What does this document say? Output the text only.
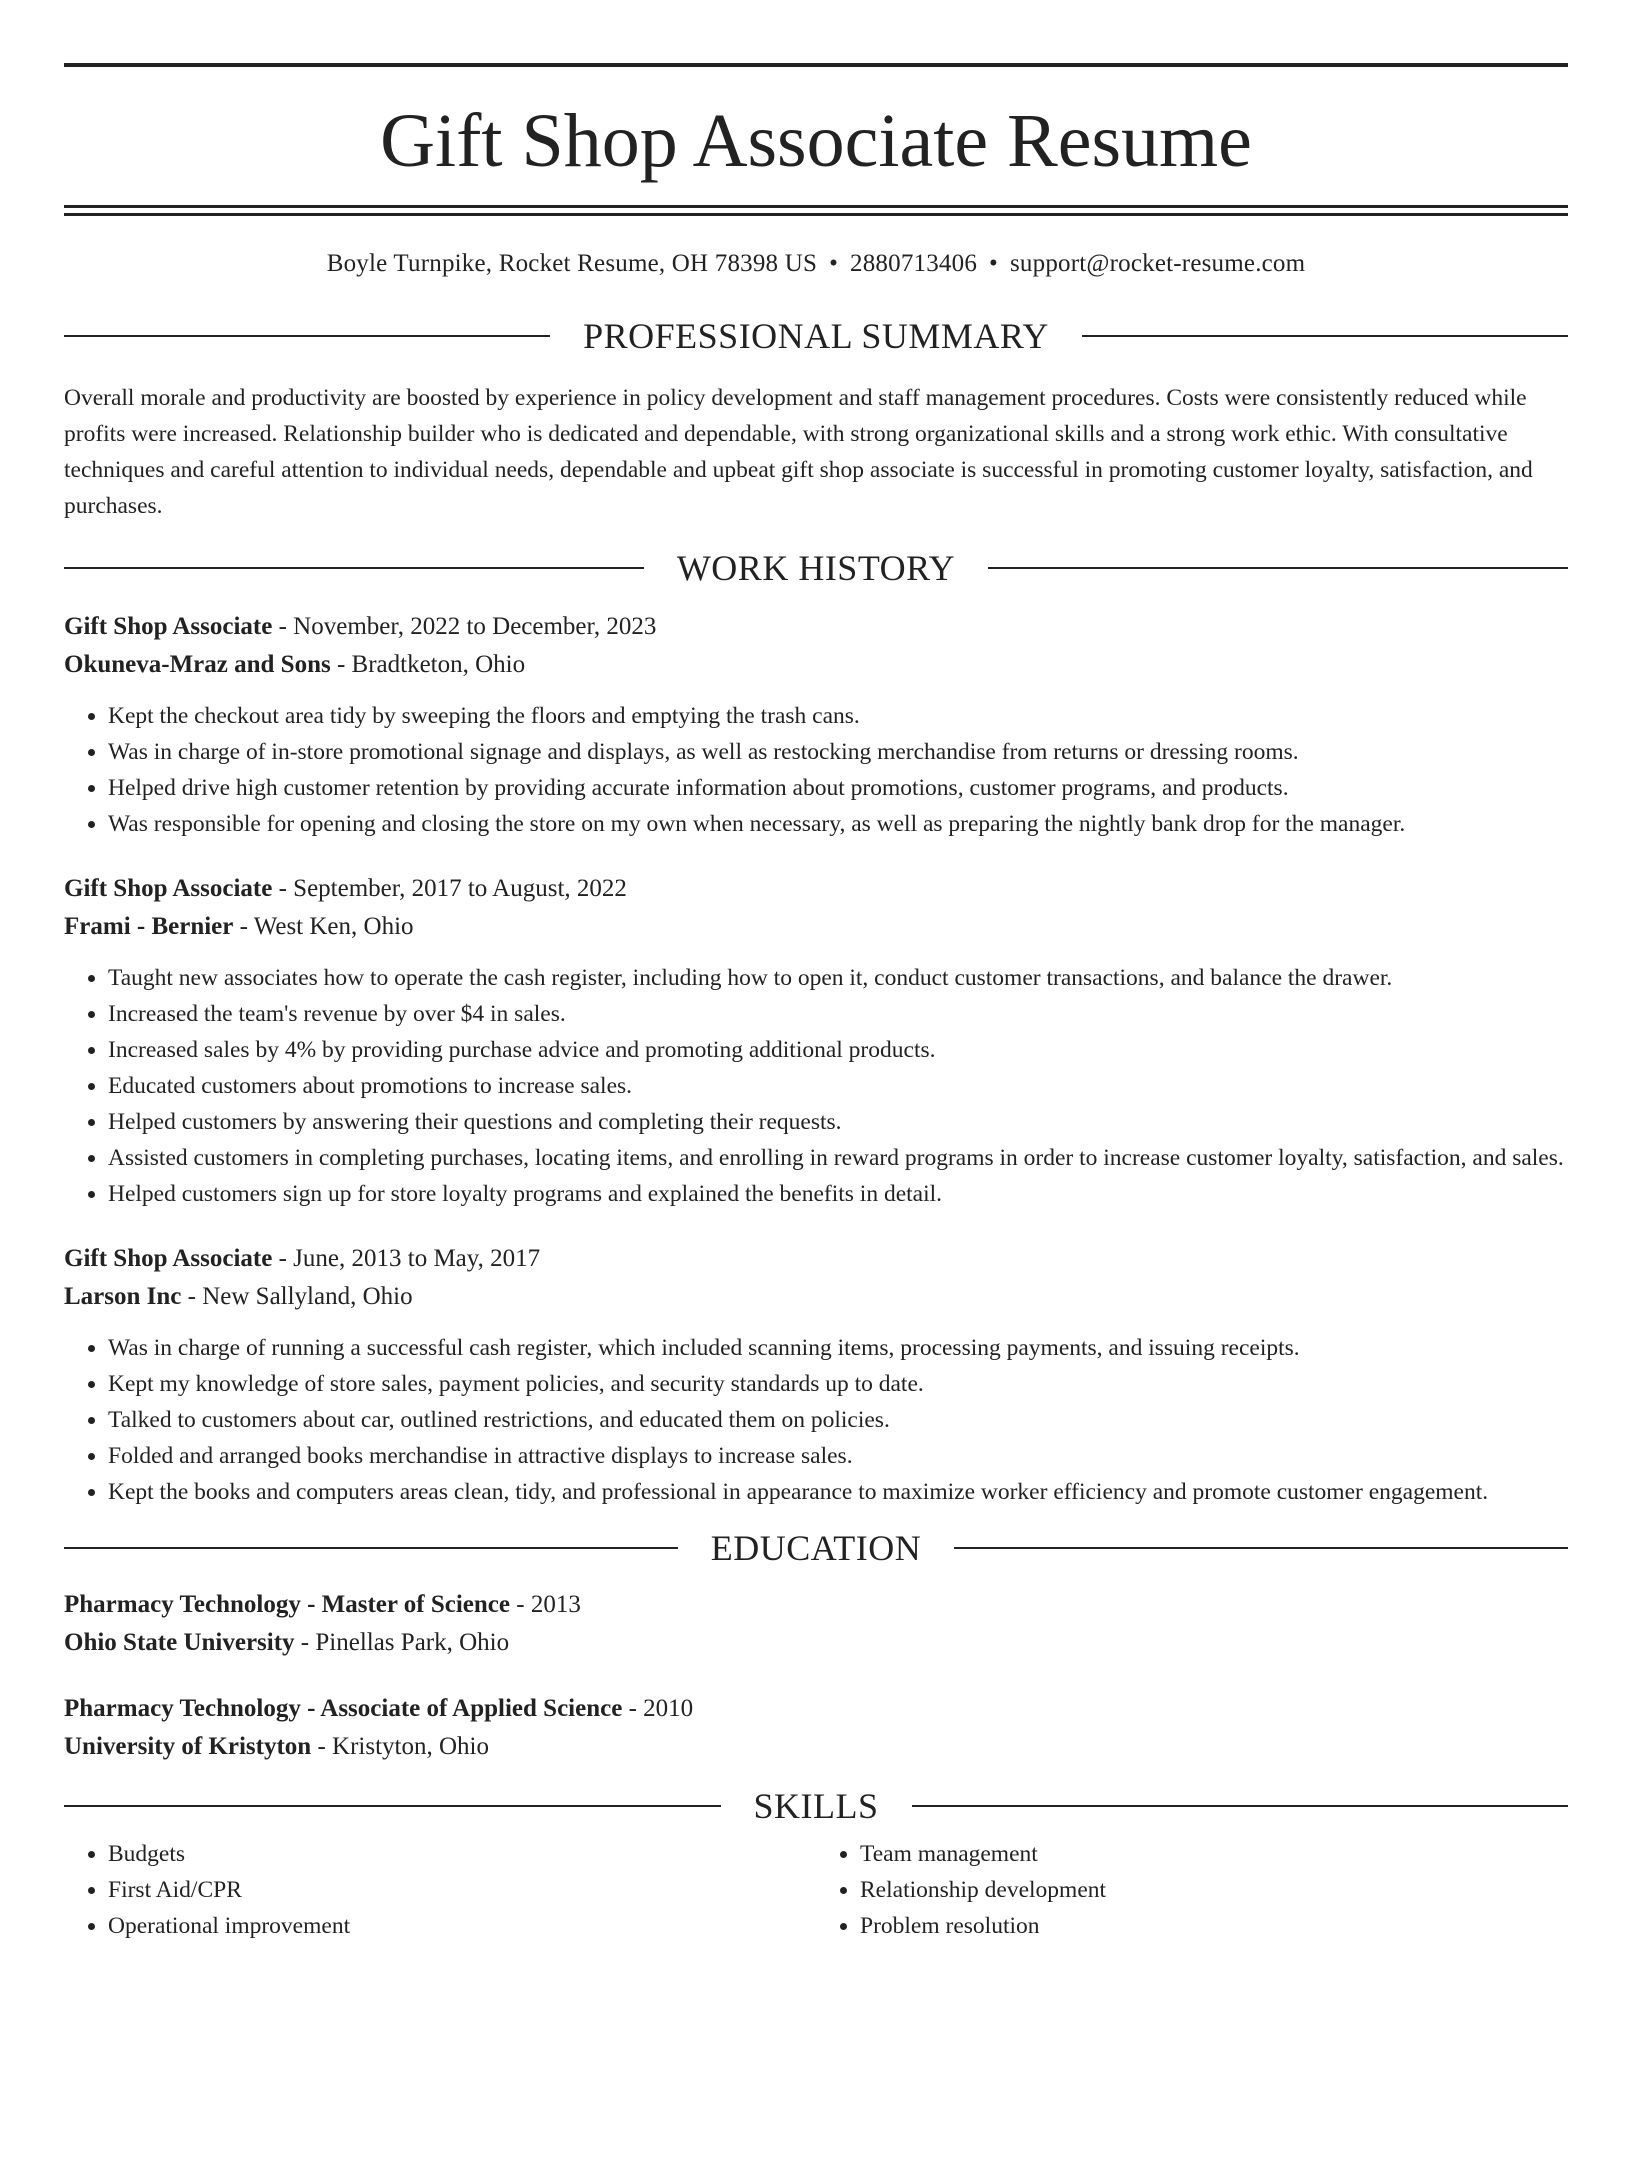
Gift Shop Associate Resume
Boyle Turnpike, Rocket Resume, OH 78398 US • 2880713406 • support@rocket-resume.com
PROFESSIONAL SUMMARY

Overall morale and productivity are boosted by experience in policy development and staff management procedures. Costs were consistently reduced while profits were increased. Relationship builder who is dedicated and dependable, with strong organizational skills and a strong work ethic. With consultative techniques and careful attention to individual needs, dependable and upbeat gift shop associate is successful in promoting customer loyalty, satisfaction, and purchases.

WORK HISTORY
Gift Shop Associate - November, 2022 to December, 2023
Okuneva-Mraz and Sons - Bradtketon, Ohio
• Kept the checkout area tidy by sweeping the floors and emptying the trash cans.
• Was in charge of in-store promotional signage and displays, as well as restocking merchandise from returns or dressing rooms.
• Helped drive high customer retention by providing accurate information about promotions, customer programs, and products.
• Was responsible for opening and closing the store on my own when necessary, as well as preparing the nightly bank drop for the manager.
Gift Shop Associate - September, 2017 to August, 2022
Frami - Bernier - West Ken, Ohio
• Taught new associates how to operate the cash register, including how to open it, conduct customer transactions, and balance the drawer.
• Increased the team's revenue by over $4 in sales.
• Increased sales by 4% by providing purchase advice and promoting additional products.
• Educated customers about promotions to increase sales.
• Helped customers by answering their questions and completing their requests.
• Assisted customers in completing purchases, locating items, and enrolling in reward programs in order to increase customer loyalty, satisfaction, and sales.
• Helped customers sign up for store loyalty programs and explained the benefits in detail.
Gift Shop Associate - June, 2013 to May, 2017
Larson Inc - New Sallyland, Ohio
• Was in charge of running a successful cash register, which included scanning items, processing payments, and issuing receipts.
• Kept my knowledge of store sales, payment policies, and security standards up to date.
• Talked to customers about car, outlined restrictions, and educated them on policies.
• Folded and arranged books merchandise in attractive displays to increase sales.
• Kept the books and computers areas clean, tidy, and professional in appearance to maximize worker efficiency and promote customer engagement.
EDUCATION
Pharmacy Technology - Master of Science - 2013
Ohio State University - Pinellas Park, Ohio
Pharmacy Technology - Associate of Applied Science - 2010
University of Kristyton - Kristyton, Ohio
SKILLS
• Budgets
• First Aid/CPR
• Operational improvement
• Team management
• Relationship development
• Problem resolution
